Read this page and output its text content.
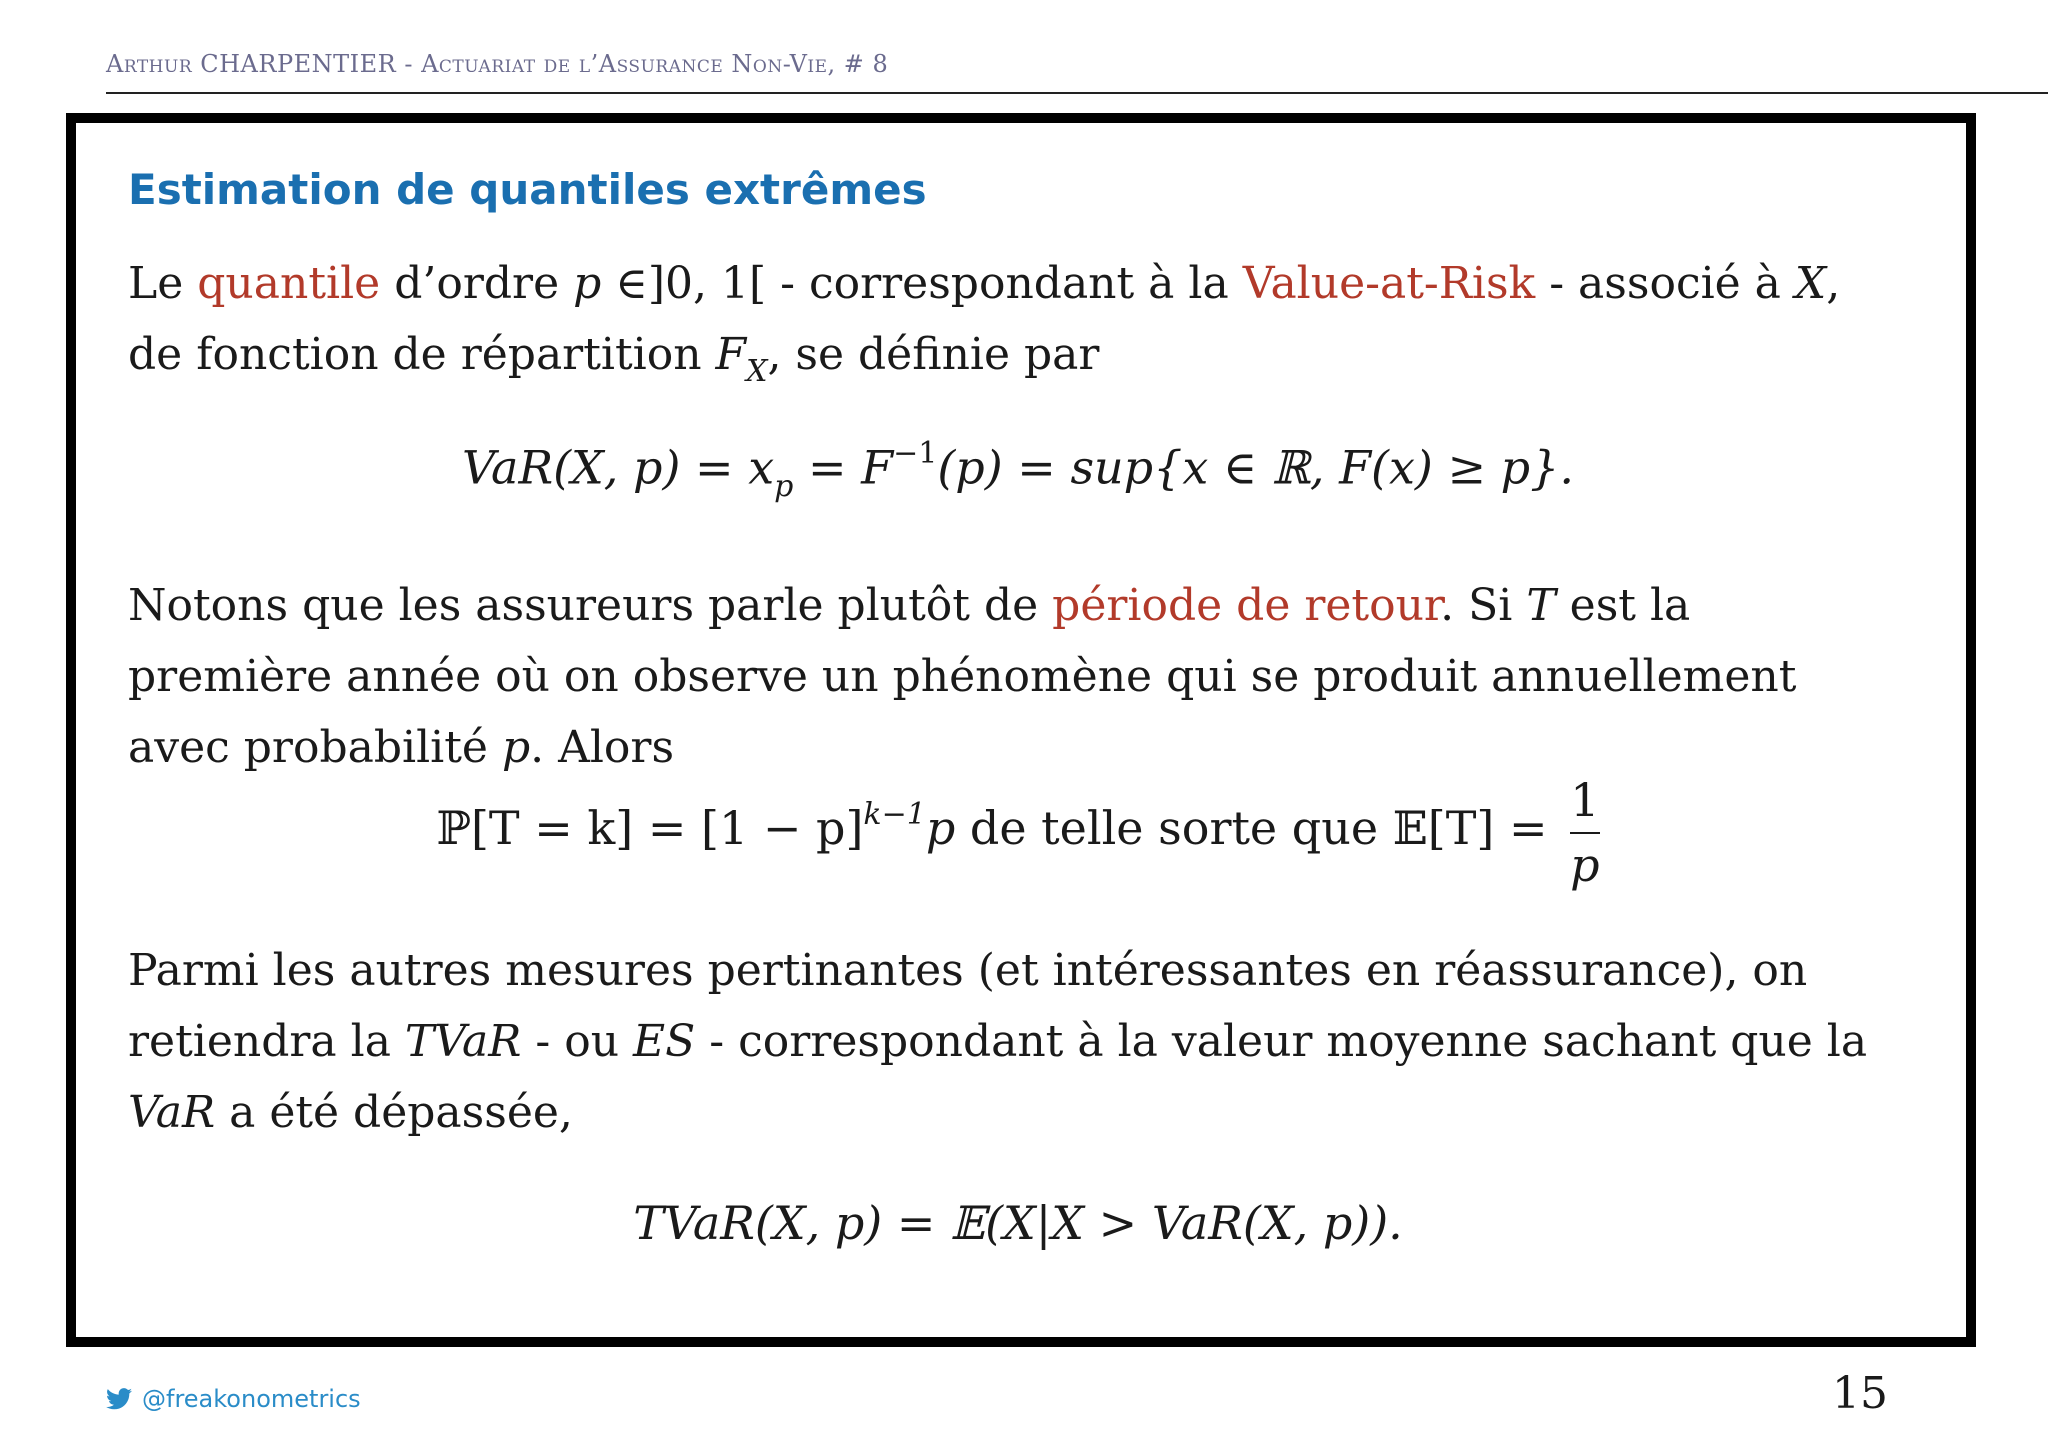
Arthur CHARPENTIER - Actuariat de l’Assurance Non-Vie, # 8
Estimation de quantiles extrêmes
Le quantile d’ordre p ∈]0, 1[ - correspondant à la Value-at-Risk - associé à X, de fonction de répartition $F_X$, se définie par
VaR(X, $p) = x_p = F^{-1}(p) = sup\{x$ ∈ ℝ, F(x) ≥ p}.
Notons que les assureurs parle plutôt de période de retour. Si T est la première année où on observe un phénomène qui se produit annuellement avec probabilité p. Alors
ℙ[T = $k] = [1 - p]^{k-1}p$ de telle sorte que 𝔼[T] = $\frac{1}{p}$
Parmi les autres mesures pertinantes (et intéressantes en réassurance), on retiendra la TVaR - ou ES - correspondant à la valeur moyenne sachant que la VaR a été dépassée,
TVaR(X, p) = 𝔼(X|X > VaR(X, p)).
@freakonometrics	15
